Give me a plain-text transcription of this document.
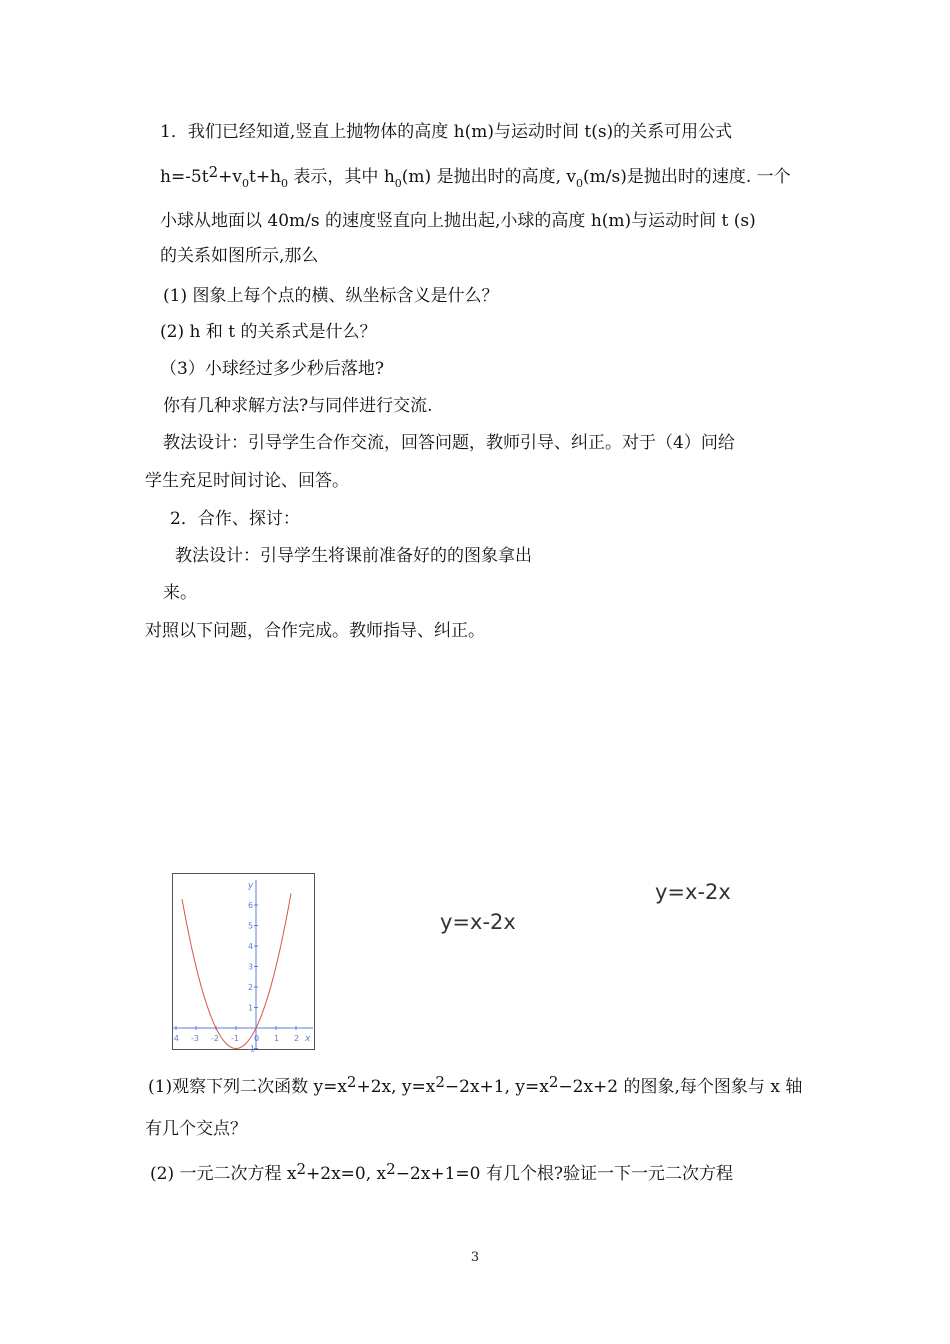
1．我们已经知道,竖直上抛物体的高度 h(m)与运动时间 t(s)的关系可用公式
$h=-5t2+v_0t+h_0$ 表示，其中 $h_0(m)$ 是抛出时的高度, $v_0(m/s)$是抛出时的速度. 一个
小球从地面以 40m/s 的速度竖直向上抛出起,小球的高度 h(m)与运动时间 t (s)
的关系如图所示,那么
(1) 图象上每个点的横、纵坐标含义是什么？
(2) h 和 t 的关系式是什么？
（3）小球经过多少秒后落地?
你有几种求解方法?与同伴进行交流.
教法设计：引导学生合作交流，回答问题，教师引导、纠正。对于（4）问给
学生充足时间讨论、回答。
2．合作、探讨：
教法设计：引导学生将课前准备好的的图象拿出
来。
对照以下问题，合作完成。教师指导、纠正。
-4 -3 -2 -1 0 1 2 x
6
5
4
3
2
1
-1
y	y=x-2x
y=x-2x
(1)观察下列二次函数 y=x2+2x, y=x2−2x+1, y=x2−2x+2 的图象,每个图象与 x 轴
有几个交点？
(2) 一元二次方程 x2+2x=0, x2−2x+1=0 有几个根?验证一下一元二次方程
3
